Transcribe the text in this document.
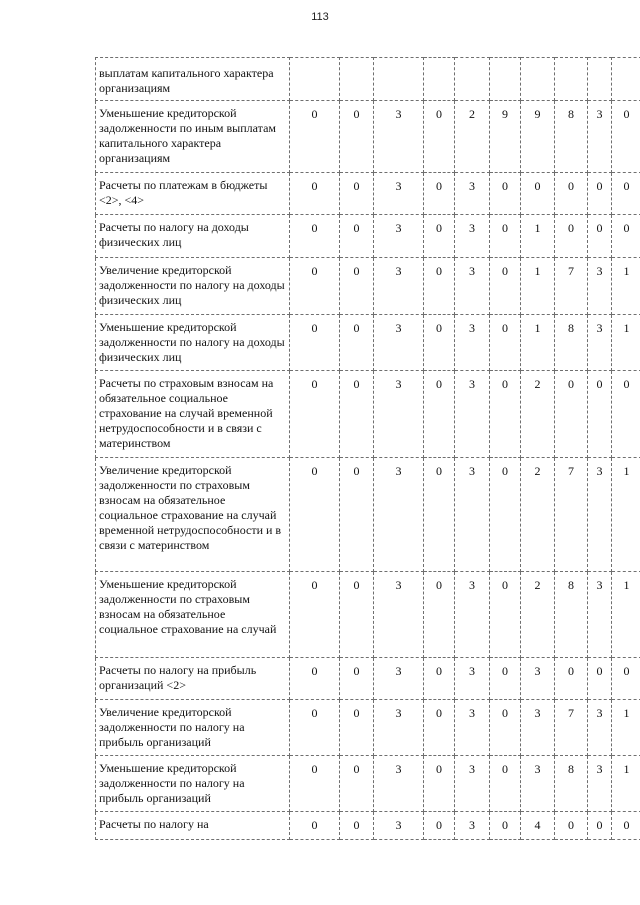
113
выплатам капитального характера организациям										
Уменьшение кредиторской задолженности по иным выплатам капитального характера организациям	0	0	3	0	2	9	9	8	3	0
Расчеты по платежам в бюджеты <2>, <4>	0	0	3	0	3	0	0	0	0	0
Расчеты по налогу на доходы физических лиц	0	0	3	0	3	0	1	0	0	0
Увеличение кредиторской задолженности по налогу на доходы физических лиц	0	0	3	0	3	0	1	7	3	1
Уменьшение кредиторской задолженности по налогу на доходы физических лиц	0	0	3	0	3	0	1	8	3	1
Расчеты по страховым взносам на обязательное социальное страхование на случай временной нетрудоспособности и в связи с материнством	0	0	3	0	3	0	2	0	0	0
Увеличение кредиторской задолженности по страховым взносам на обязательное социальное страхование на случай временной нетрудоспособности и в связи с материнством	0	0	3	0	3	0	2	7	3	1
Уменьшение кредиторской задолженности по страховым взносам на обязательное социальное страхование на случай	0	0	3	0	3	0	2	8	3	1
Расчеты по налогу на прибыль организаций <2>	0	0	3	0	3	0	3	0	0	0
Увеличение кредиторской задолженности по налогу на прибыль организаций	0	0	3	0	3	0	3	7	3	1
Уменьшение кредиторской задолженности по налогу на прибыль организаций	0	0	3	0	3	0	3	8	3	1
Расчеты по налогу на	0	0	3	0	3	0	4	0	0	0
